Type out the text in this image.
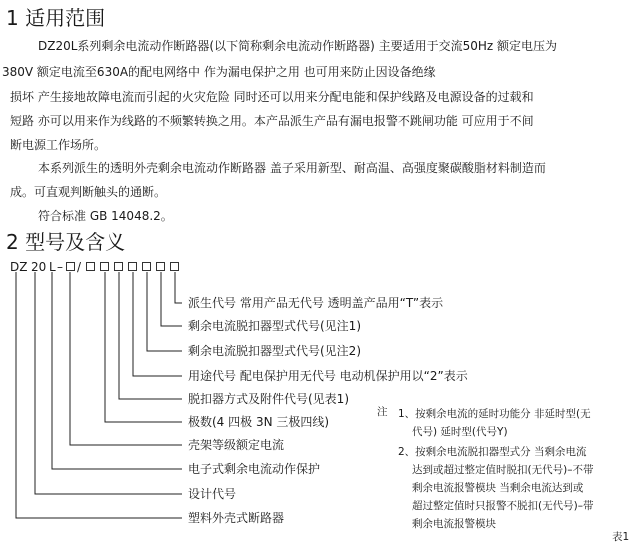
1 适用范围
DZ20L系列剩余电流动作断路器(以下简称剩余电流动作断路器) 主要适用于交流50Hz 额定电压为
380V 额定电流至630A的配电网络中 作为漏电保护之用 也可用来防止因设备绝缘
损坏 产生接地故障电流而引起的火灾危险 同时还可以用来分配电能和保护线路及电源设备的过载和
短路 亦可以用来作为线路的不频繁转换之用。本产品派生产品有漏电报警不跳闸功能 可应用于不间
断电源工作场所。
本系列派生的透明外壳剩余电流动作断路器 盖子采用新型、耐高温、高强度聚碳酸脂材料制造而
成。可直观判断触头的通断。
符合标准 GB 14048.2。
2 型号及含义
DZ 20 L – /
派生代号 常用产品无代号 透明盖产品用“T”表示
剩余电流脱扣器型式代号(见注1)
剩余电流脱扣器型式代号(见注2)
用途代号 配电保护用无代号 电动机保护用以“2”表示
脱扣器方式及附件代号(见表1)
极数(4 四极 3N 三极四线)
壳架等级额定电流
电子式剩余电流动作保护
设计代号
塑料外壳式断路器
注 1、按剩余电流的延时功能分 非延时型(无
代号) 延时型(代号Y)
2、按剩余电流脱扣器型式分 当剩余电流
达到或超过整定值时脱扣(无代号)–不带
剩余电流报警模块 当剩余电流达到或
超过整定值时只报警不脱扣(无代号)–带
剩余电流报警模块
表1
